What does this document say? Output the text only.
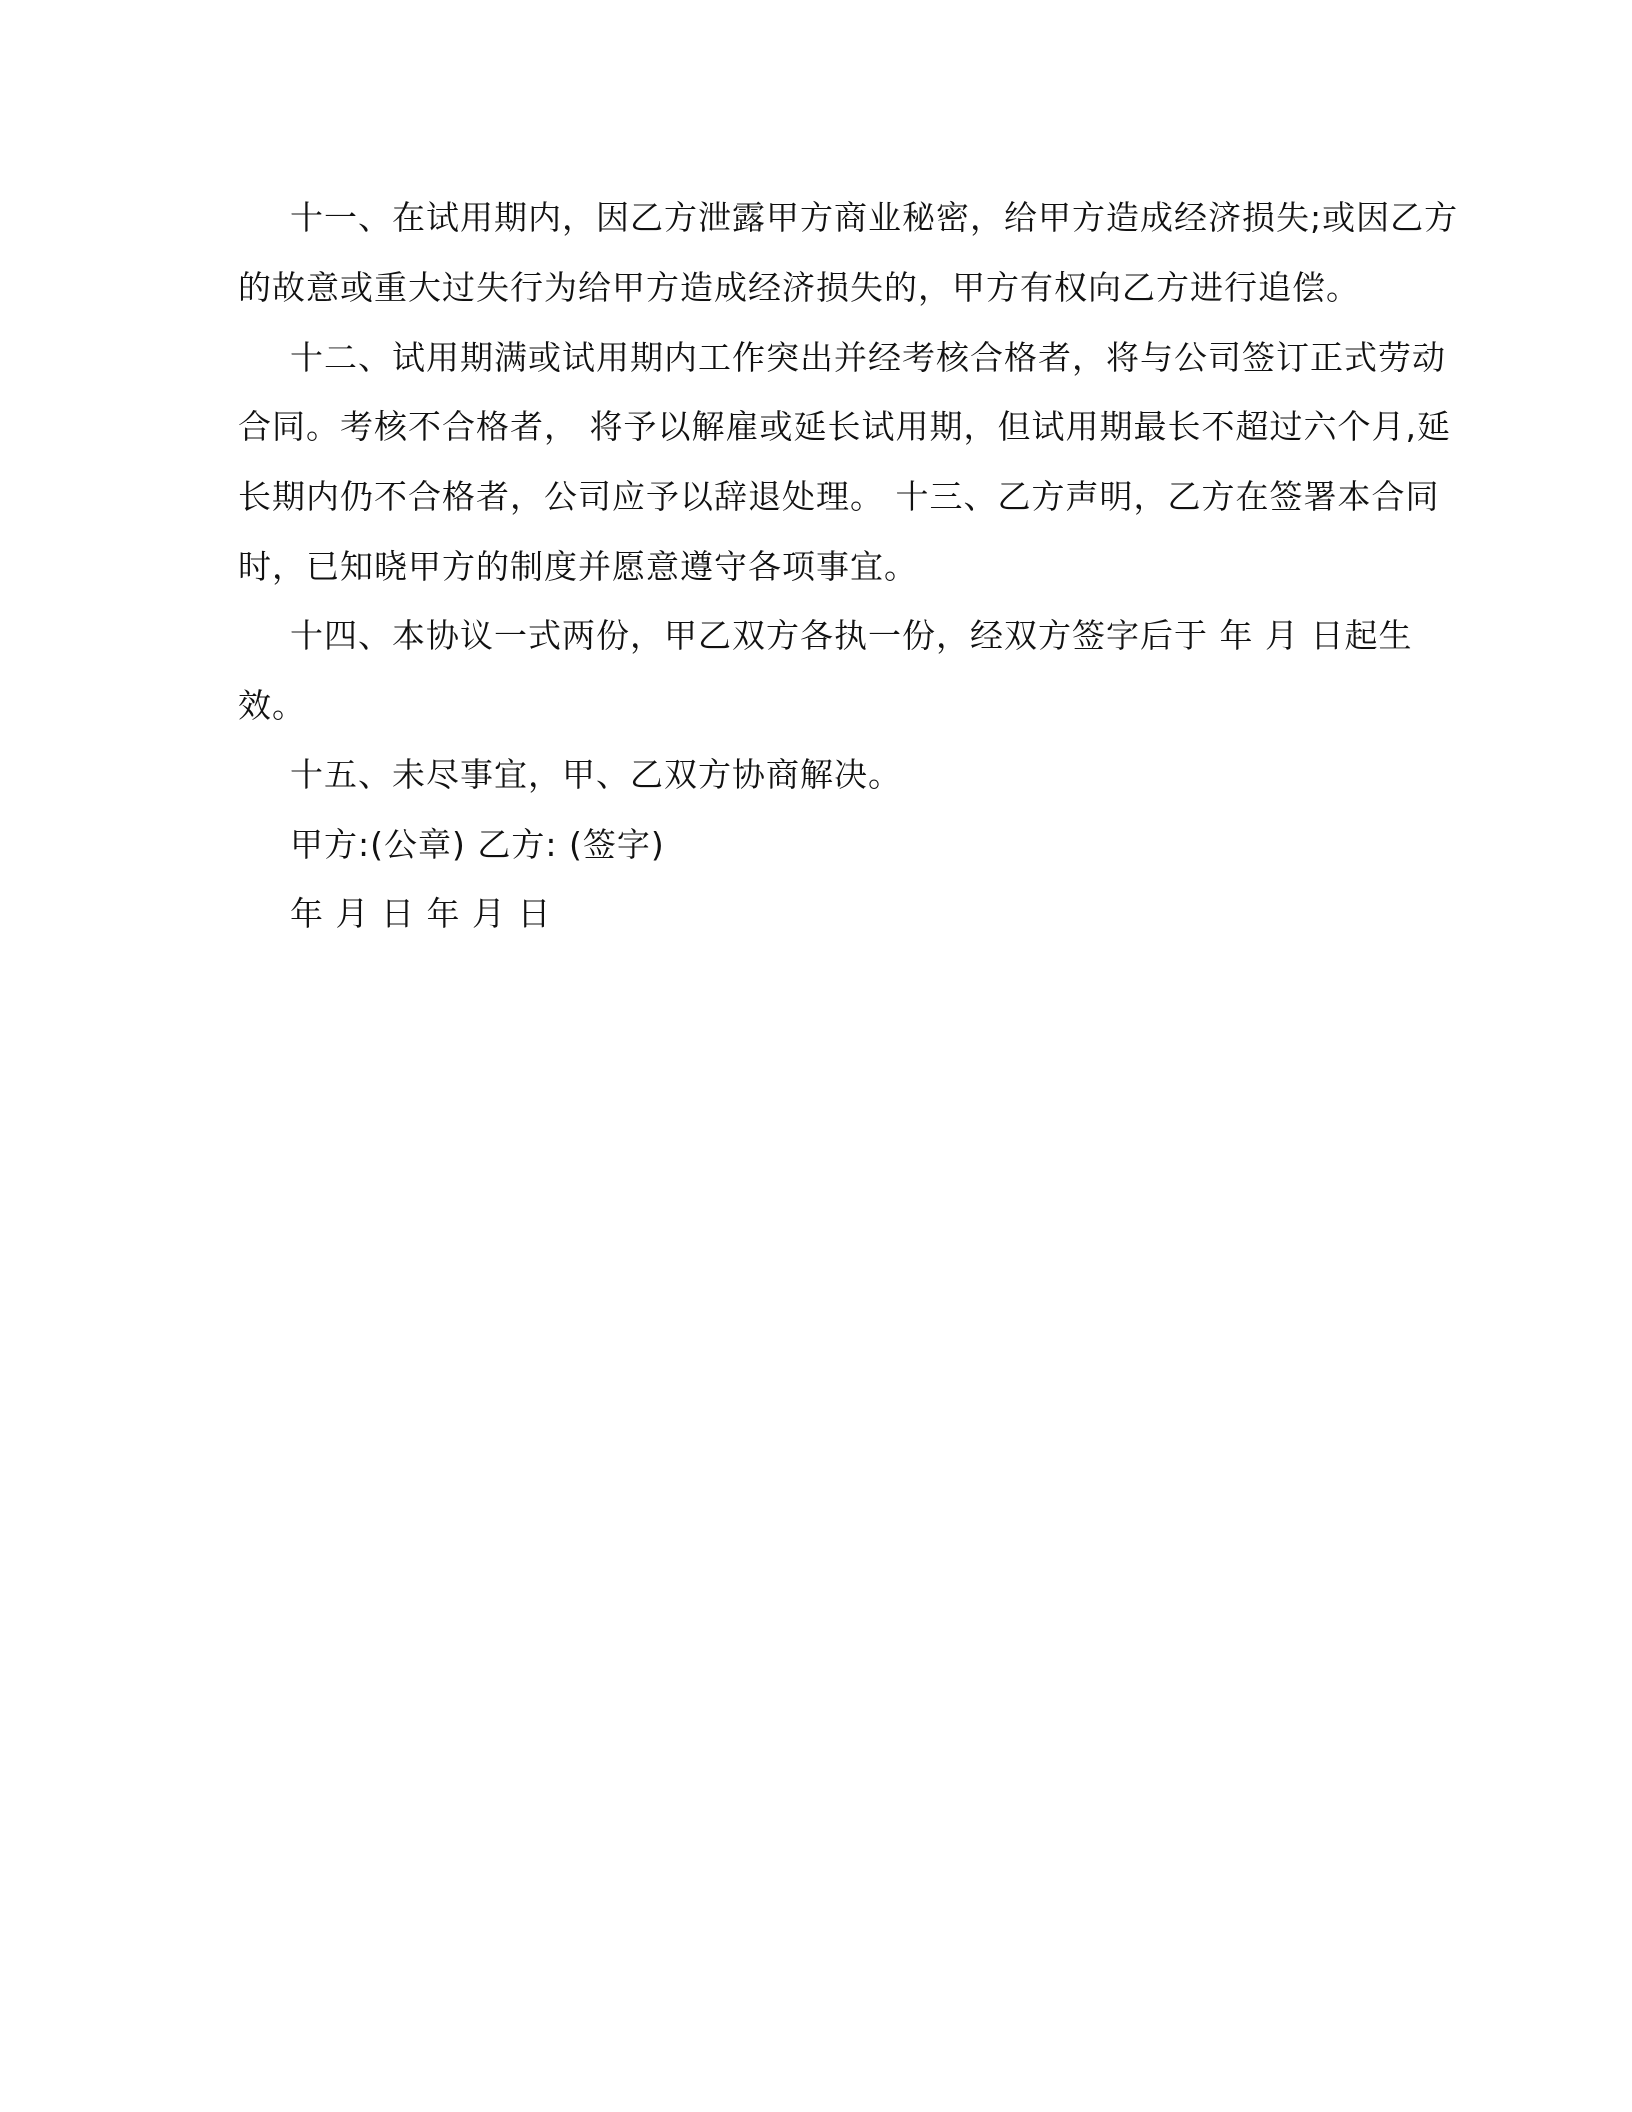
十一、在试用期内，因乙方泄露甲方商业秘密，给甲方造成经济损失;或因乙方
的故意或重大过失行为给甲方造成经济损失的，甲方有权向乙方进行追偿。
十二、试用期满或试用期内工作突出并经考核合格者，将与公司签订正式劳动
合同。考核不合格者， 将予以解雇或延长试用期，但试用期最长不超过六个月,延
长期内仍不合格者，公司应予以辞退处理。 十三、乙方声明，乙方在签署本合同
时，已知晓甲方的制度并愿意遵守各项事宜。
十四、本协议一式两份，甲乙双方各执一份，经双方签字后于 年 月 日起生
效。
十五、未尽事宜，甲、乙双方协商解决。
甲方:(公章) 乙方: (签字)
年 月 日 年 月 日
